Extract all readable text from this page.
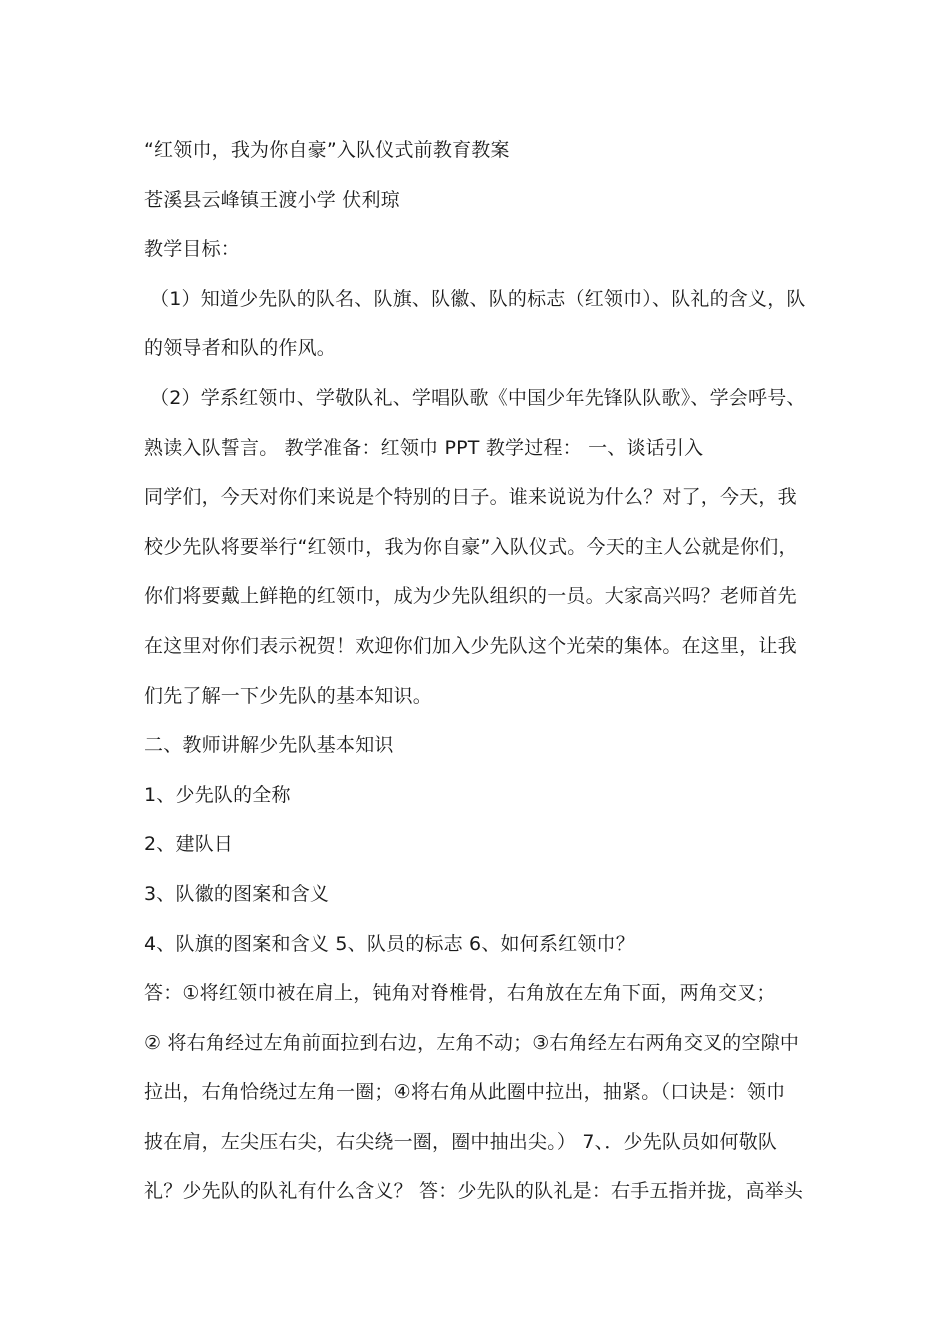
“红领巾，我为你自豪”入队仪式前教育教案
苍溪县云峰镇王渡小学 伏利琼
教学目标：
（1）知道少先队的队名、队旗、队徽、队的标志（红领巾）、队礼的含义，队
的领导者和队的作风。
（2）学系红领巾、学敬队礼、学唱队歌《中国少年先锋队队歌》、学会呼号、
熟读入队誓言。 教学准备：红领巾 PPT 教学过程： 一、谈话引入
同学们，今天对你们来说是个特别的日子。谁来说说为什么？对了，今天，我
校少先队将要举行“红领巾，我为你自豪”入队仪式。今天的主人公就是你们，
你们将要戴上鲜艳的红领巾，成为少先队组织的一员。大家高兴吗？老师首先
在这里对你们表示祝贺！欢迎你们加入少先队这个光荣的集体。在这里，让我
们先了解一下少先队的基本知识。
二、教师讲解少先队基本知识
1、少先队的全称
2、建队日
3、队徽的图案和含义
4、队旗的图案和含义 5、队员的标志 6、如何系红领巾？
答：①将红领巾被在肩上，钝角对脊椎骨，右角放在左角下面，两角交叉；
② 将右角经过左角前面拉到右边，左角不动；③右角经左右两角交叉的空隙中
拉出，右角恰绕过左角一圈；④将右角从此圈中拉出，抽紧。（口诀是：领巾
披在肩，左尖压右尖，右尖绕一圈，圈中抽出尖。） 7、．少先队员如何敬队
礼？少先队的队礼有什么含义？ 答：少先队的队礼是：右手五指并拢，高举头
